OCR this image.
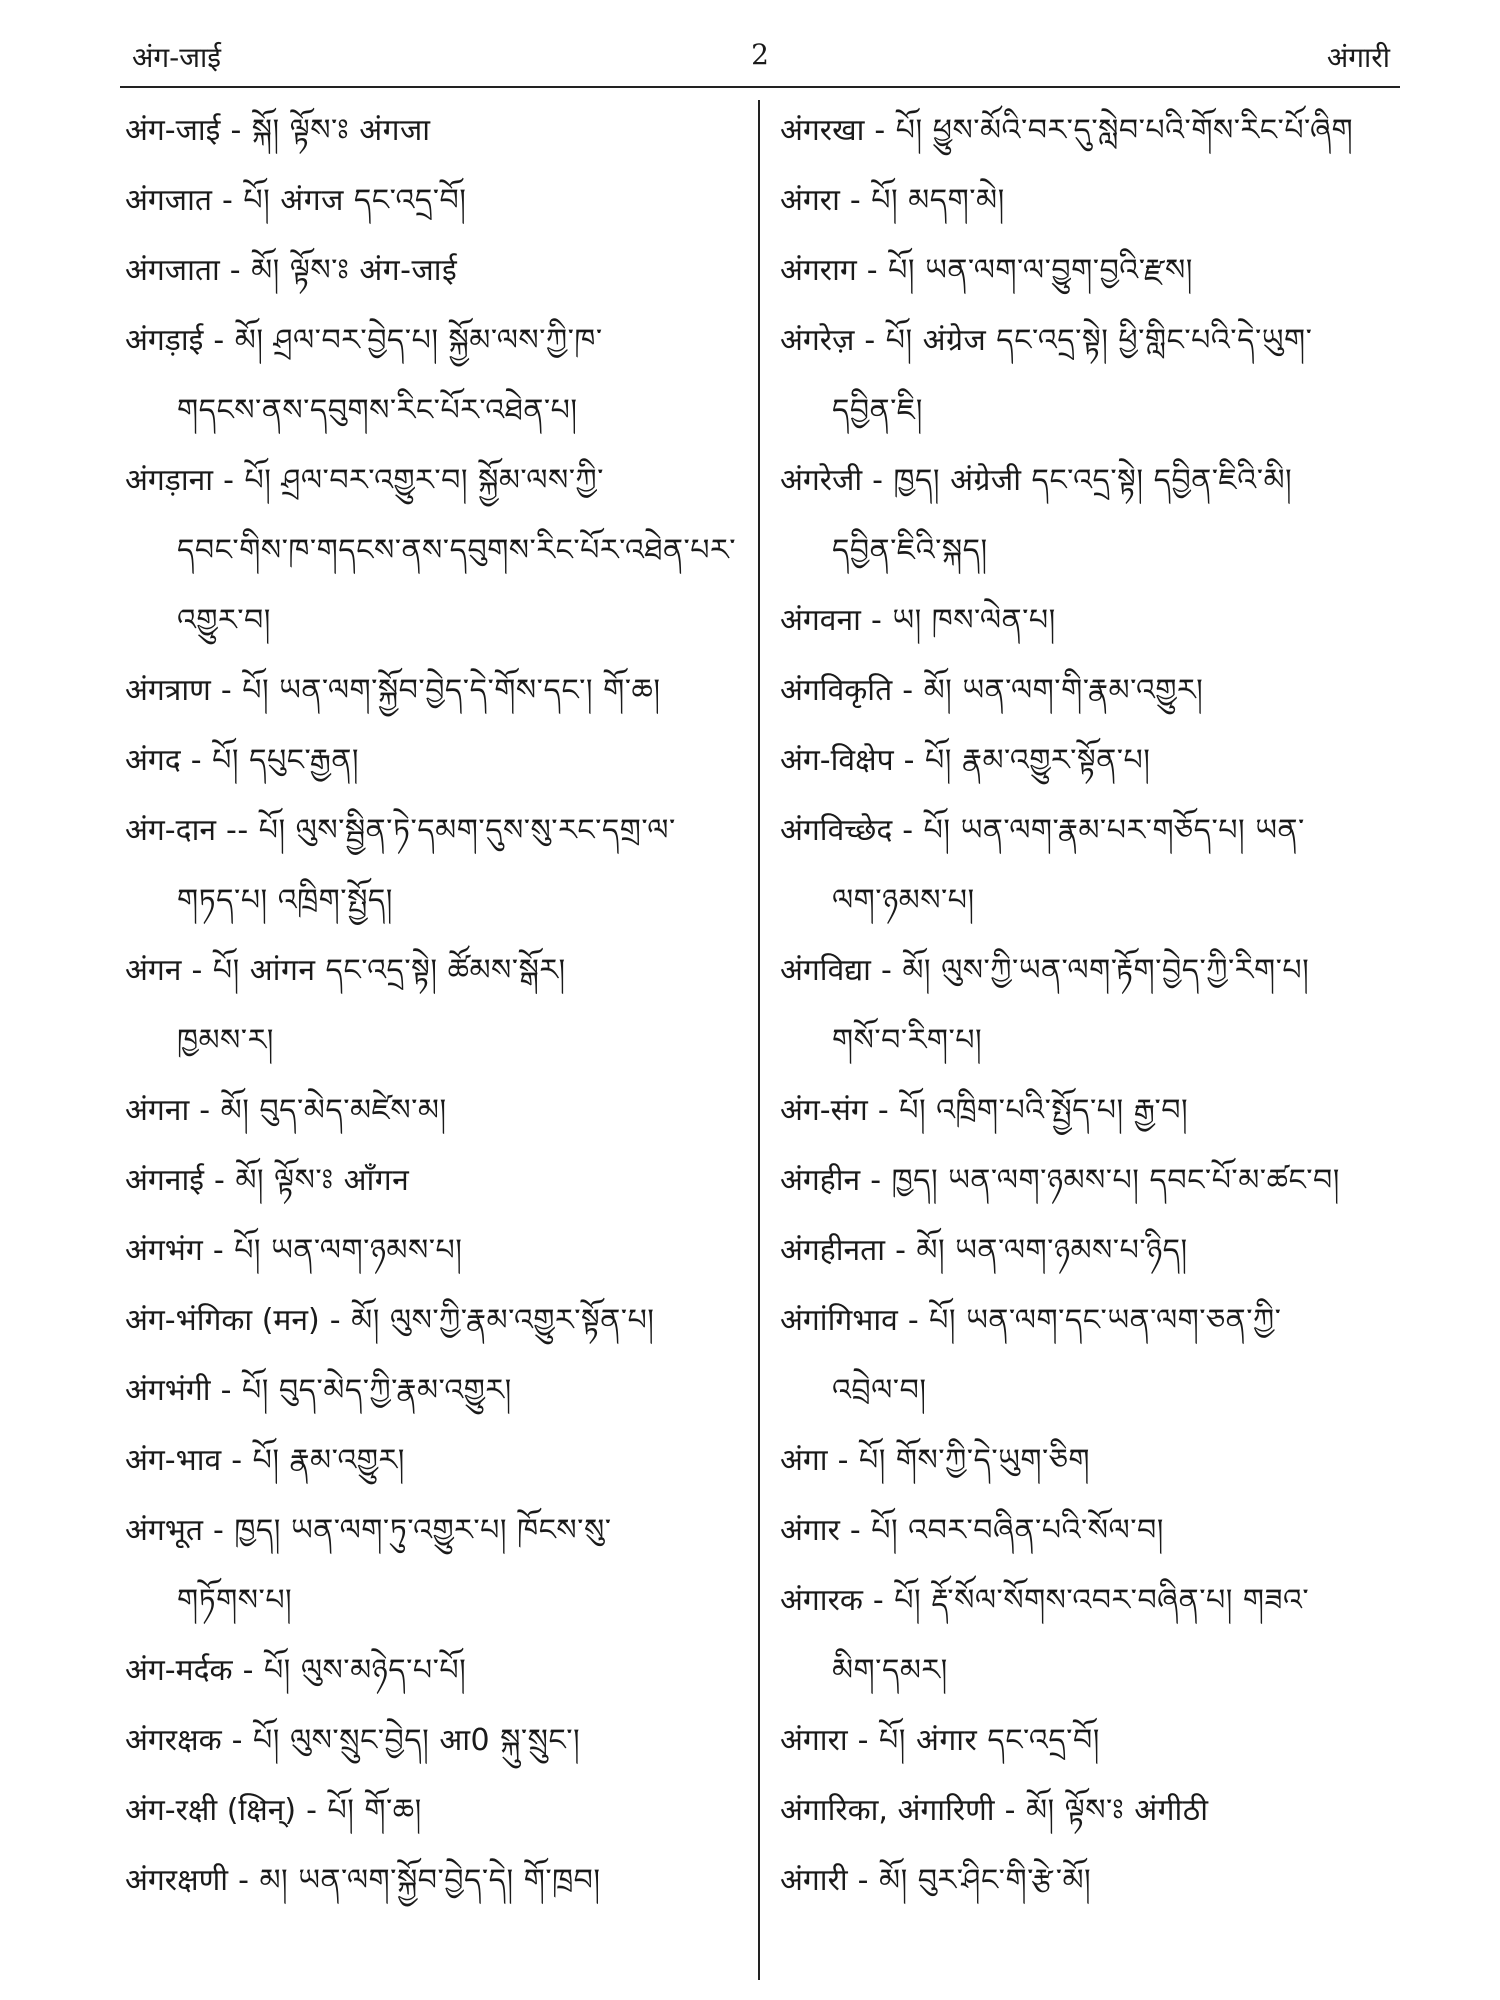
अंग-जाई	2	अंगारी
अंग-जाई - སྐོ། ལྟོས་ཿ अंगजा
अंगजात - པོ། अंगज དང་འདྲ་བོ།
अंगजाता - མོ། ལྟོས་ཿ अंग-जाई
अंगड़ाई - མོ། ཤྲལ་བར་བྱེད་པ། སྐྱོམ་ལས་ཀྱི་ཁ་
གདངས་ནས་དབུགས་རིང་པོར་འཐེན་པ།
अंगड़ाना - པོ། ཤྲལ་བར་འགྱུར་བ། སྐྱོམ་ལས་ཀྱི་
དབང་གིས་ཁ་གདངས་ནས་དབུགས་རིང་པོར་འཐེན་པར་
འགྱུར་བ།
अंगत्राण - པོ། ཡན་ལག་སྐྱོབ་བྱེད་དེ་གོས་དང་། གོ་ཆ།
अंगद - པོ། དཔུང་རྒྱན།
अंग-दान -- པོ། ལུས་སྦྱིན་ཏེ་དམག་དུས་སུ་རང་དགྲ་ལ་
གཏད་པ། འཁྲིག་སྤྱོད།
अंगन - པོ། आंगन དང་འདྲ་སྟེ། ཚོམས་སྒོར།
ཁྱམས་ར།
अंगना - མོ། བུད་མེད་མཛེས་མ།
अंगनाई - མོ། ལྟོས་ཿ आँगन
अंगभंग - པོ། ཡན་ལག་ཉམས་པ།
अंग-भंगिका (मन) - མོ། ལུས་ཀྱི་རྣམ་འགྱུར་སྟོན་པ།
अंगभंगी - པོ། བུད་མེད་ཀྱི་རྣམ་འགྱུར།
अंग-भाव - པོ། རྣམ་འགྱུར།
अंगभूत - ཁྱད། ཡན་ལག་ཏུ་འགྱུར་པ། ཁོངས་སུ་
གཏོགས་པ།
अंग-मर्दक - པོ། ལུས་མཉེད་པ་པོ།
अंगरक्षक - པོ། ལུས་སྲུང་བྱེད། आ0 སྐུ་སྲུང་།
अंग-रक्षी (क्षिन्) - པོ། གོ་ཆ།
अंगरक्षणी - མ། ཡན་ལག་སྐྱོབ་བྱེད་དེ། གོ་ཁྲབ།
अंगरखा - པོ། ཕྱུས་མོའི་བར་དུ་སླེབ་པའི་གོས་རིང་པོ་ཞིག
अंगरा - པོ། མདག་མེ།
अंगराग - པོ། ཡན་ལག་ལ་བྱུག་བྱའི་རྫས།
अंगरेज़ - པོ། अंग्रेज དང་འདྲ་སྟེ། ཕྱི་གླིང་པའི་དེ་ཡུག་
དབྱིན་ཇི།
अंगरेजी - ཁྱད། अंग्रेजी དང་འདྲ་སྟེ། དབྱིན་ཇིའི་མི།
དབྱིན་ཇིའི་སྐད།
अंगवना - ཡ། ཁས་ལེན་པ།
अंगविकृति - མོ། ཡན་ལག་གི་རྣམ་འགྱུར།
अंग-विक्षेप - པོ། རྣམ་འགྱུར་སྟོན་པ།
अंगविच्छेद - པོ། ཡན་ལག་རྣམ་པར་གཅོད་པ། ཡན་
ལག་ཉམས་པ།
अंगविद्या - མོ། ལུས་ཀྱི་ཡན་ལག་རྟོག་བྱེད་ཀྱི་རིག་པ།
གསོ་བ་རིག་པ།
अंग-संग - པོ། འཁྲིག་པའི་སྤྱོད་པ། རྒྱ་བ།
अंगहीन - ཁྱད། ཡན་ལག་ཉམས་པ། དབང་པོ་མ་ཚང་བ།
अंगहीनता - མོ། ཡན་ལག་ཉམས་པ་ཉིད།
अंगांगिभाव - པོ། ཡན་ལག་དང་ཡན་ལག་ཅན་ཀྱི་
འབྲེལ་བ།
अंगा - པོ། གོས་ཀྱི་དེ་ཡུག་ཅིག
अंगार - པོ། འབར་བཞིན་པའི་སོལ་བ།
अंगारक - པོ། རྡོ་སོལ་སོགས་འབར་བཞིན་པ། གཟའ་
མིག་དམར།
अंगारा - པོ། अंगार དང་འདྲ་བོ།
अंगारिका, अंगारिणी - མོ། ལྟོས་ཿ अंगीठी
अंगारी - མོ། བུར་ཤིང་གི་རྩེ་མོ།
